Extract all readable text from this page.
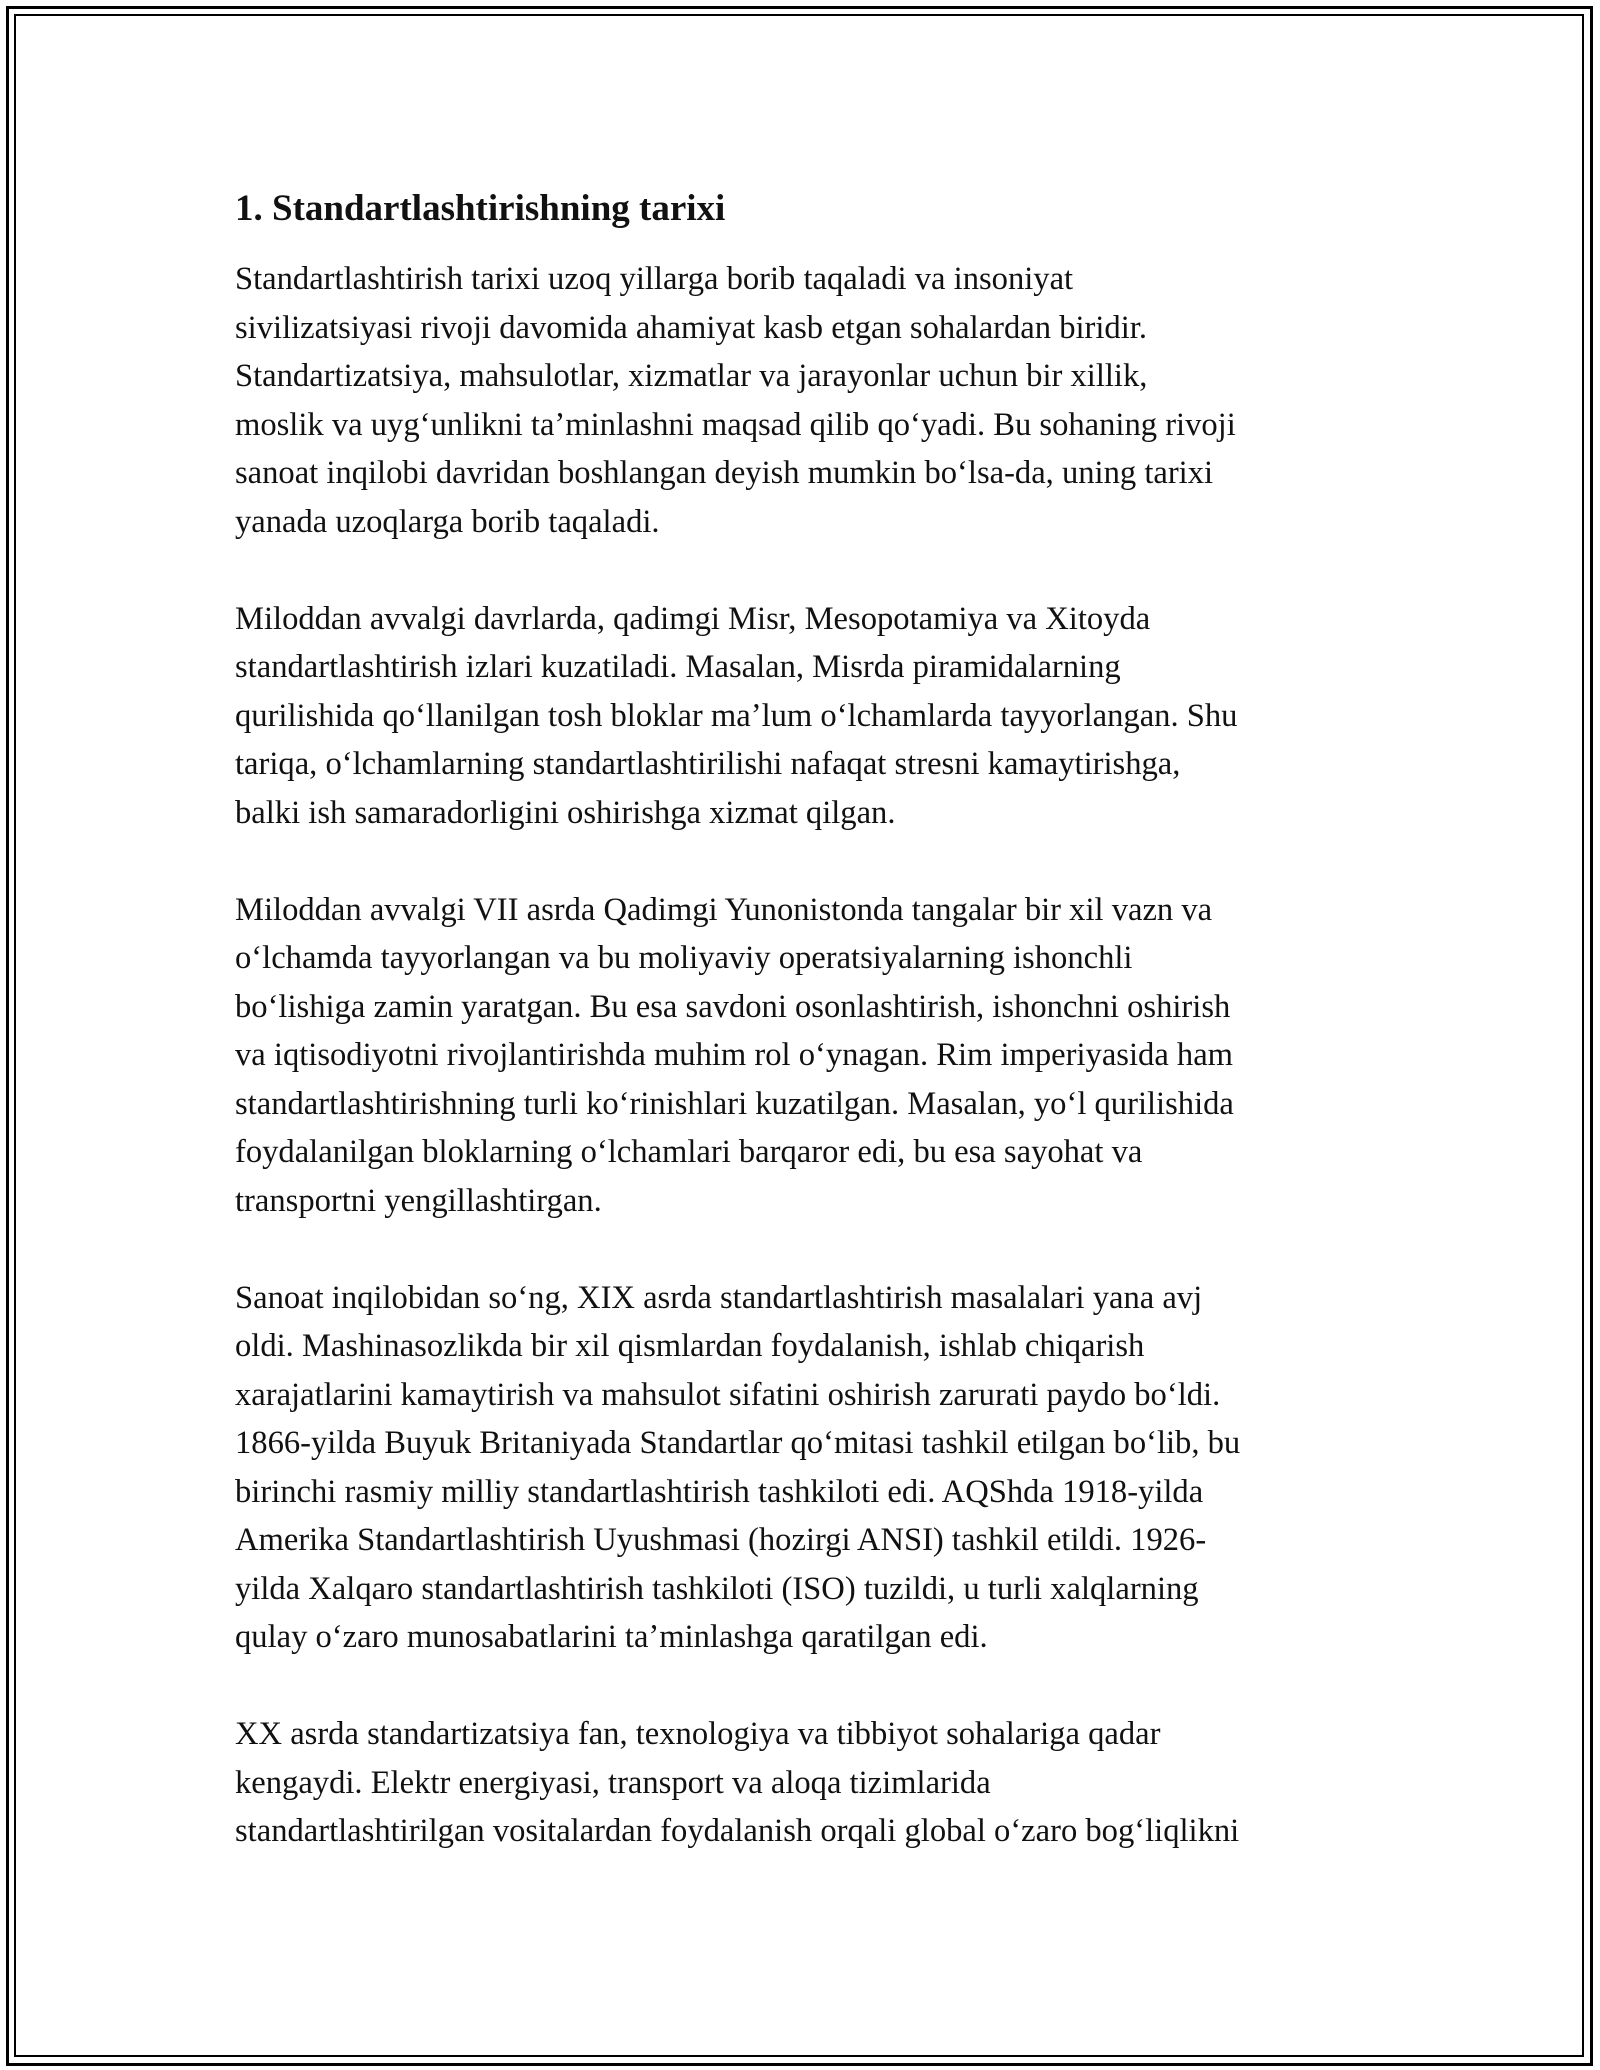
1. Standartlashtirishning tarixi

Standartlashtirish tarixi uzoq yillarga borib taqaladi va insoniyat
sivilizatsiyasi rivoji davomida ahamiyat kasb etgan sohalardan biridir.
Standartizatsiya, mahsulotlar, xizmatlar va jarayonlar uchun bir xillik,
moslik va uygʻunlikni taʼminlashni maqsad qilib qoʻyadi. Bu sohaning rivoji
sanoat inqilobi davridan boshlangan deyish mumkin boʻlsa-da, uning tarixi
yanada uzoqlarga borib taqaladi.

Miloddan avvalgi davrlarda, qadimgi Misr, Mesopotamiya va Xitoyda
standartlashtirish izlari kuzatiladi. Masalan, Misrda piramidalarning
qurilishida qoʻllanilgan tosh bloklar maʼlum oʻlchamlarda tayyorlangan. Shu
tariqa, oʻlchamlarning standartlashtirilishi nafaqat stresni kamaytirishga,
balki ish samaradorligini oshirishga xizmat qilgan.

Miloddan avvalgi VII asrda Qadimgi Yunonistonda tangalar bir xil vazn va
oʻlchamda tayyorlangan va bu moliyaviy operatsiyalarning ishonchli
boʻlishiga zamin yaratgan. Bu esa savdoni osonlashtirish, ishonchni oshirish
va iqtisodiyotni rivojlantirishda muhim rol oʻynagan. Rim imperiyasida ham
standartlashtirishning turli koʻrinishlari kuzatilgan. Masalan, yoʻl qurilishida
foydalanilgan bloklarning oʻlchamlari barqaror edi, bu esa sayohat va
transportni yengillashtirgan.

Sanoat inqilobidan soʻng, XIX asrda standartlashtirish masalalari yana avj
oldi. Mashinasozlikda bir xil qismlardan foydalanish, ishlab chiqarish
xarajatlarini kamaytirish va mahsulot sifatini oshirish zarurati paydo boʻldi.
1866-yilda Buyuk Britaniyada Standartlar qoʻmitasi tashkil etilgan boʻlib, bu
birinchi rasmiy milliy standartlashtirish tashkiloti edi. AQShda 1918-yilda
Amerika Standartlashtirish Uyushmasi (hozirgi ANSI) tashkil etildi. 1926-
yilda Xalqaro standartlashtirish tashkiloti (ISO) tuzildi, u turli xalqlarning
qulay oʻzaro munosabatlarini taʼminlashga qaratilgan edi.

XX asrda standartizatsiya fan, texnologiya va tibbiyot sohalariga qadar
kengaydi. Elektr energiyasi, transport va aloqa tizimlarida
standartlashtirilgan vositalardan foydalanish orqali global oʻzaro bogʻliqlikni
